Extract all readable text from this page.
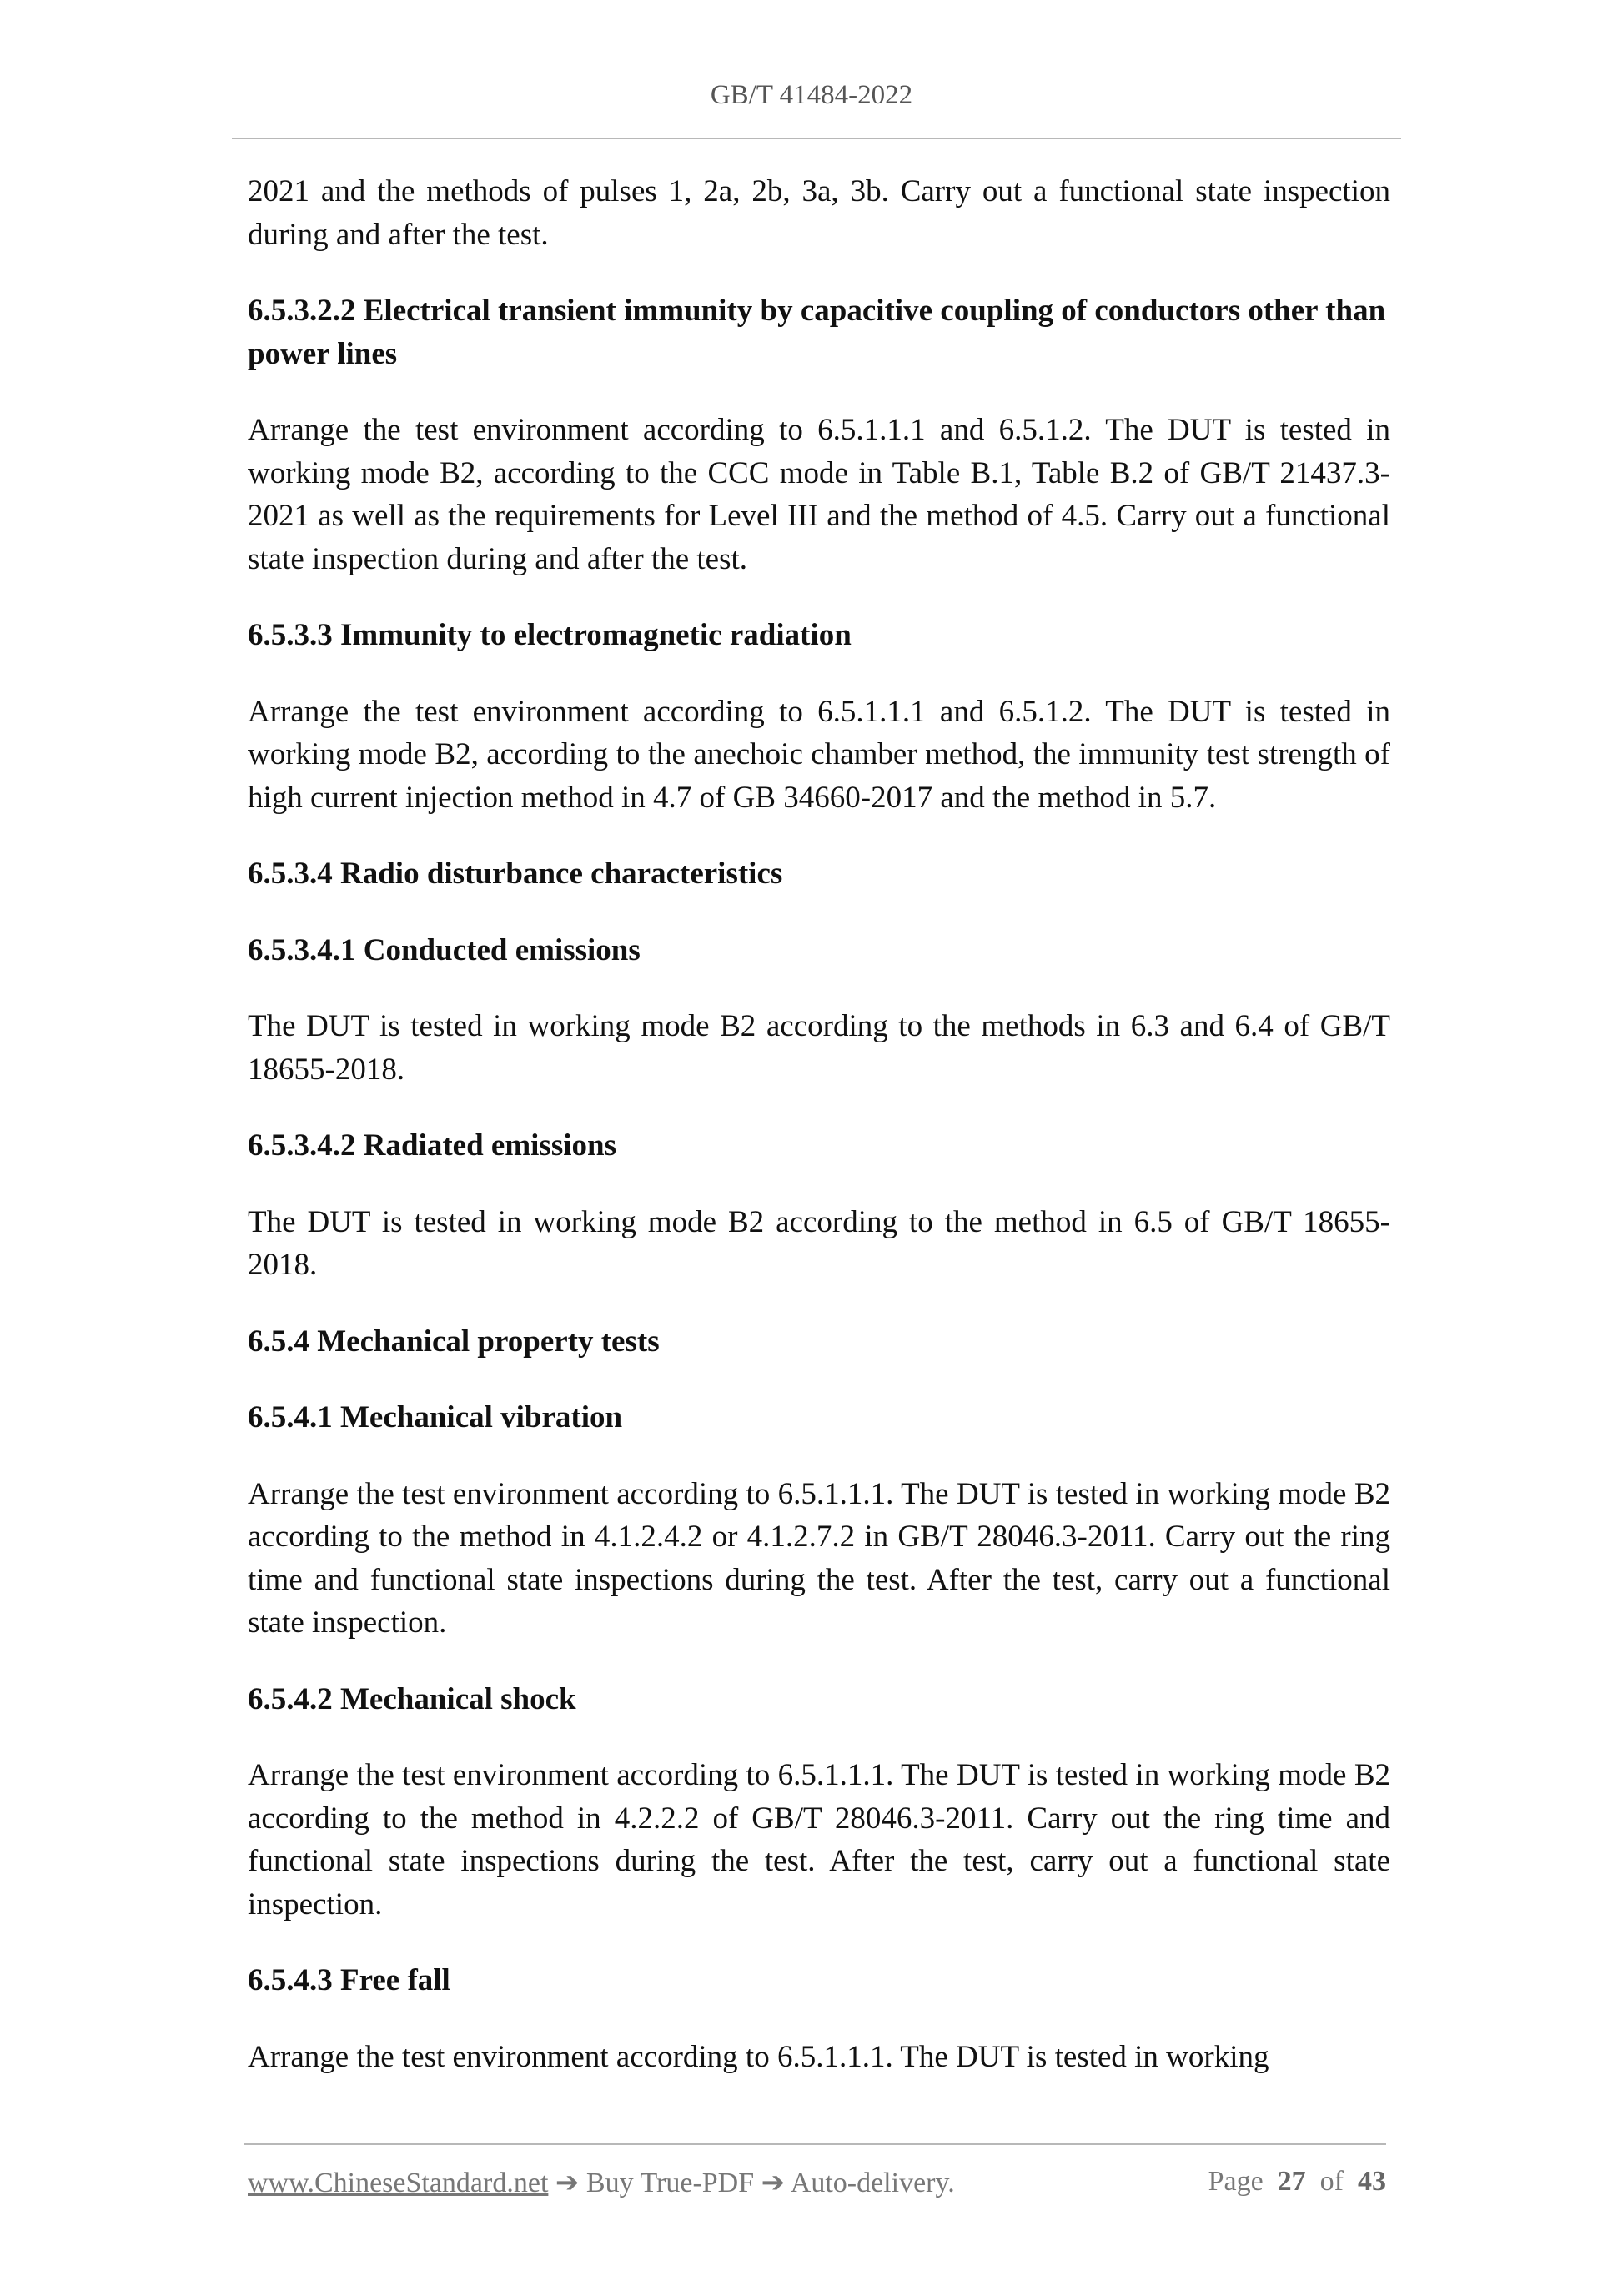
GB/T 41484-2022

2021 and the methods of pulses 1, 2a, 2b, 3a, 3b. Carry out a functional state inspection during and after the test.

6.5.3.2.2 Electrical transient immunity by capacitive coupling of conductors other than power lines

Arrange the test environment according to 6.5.1.1.1 and 6.5.1.2. The DUT is tested in working mode B2, according to the CCC mode in Table B.1, Table B.2 of GB/T 21437.3-2021 as well as the requirements for Level III and the method of 4.5. Carry out a functional state inspection during and after the test.

6.5.3.3 Immunity to electromagnetic radiation

Arrange the test environment according to 6.5.1.1.1 and 6.5.1.2. The DUT is tested in working mode B2, according to the anechoic chamber method, the immunity test strength of high current injection method in 4.7 of GB 34660-2017 and the method in 5.7.

6.5.3.4 Radio disturbance characteristics

6.5.3.4.1 Conducted emissions

The DUT is tested in working mode B2 according to the methods in 6.3 and 6.4 of GB/T 18655-2018.

6.5.3.4.2 Radiated emissions

The DUT is tested in working mode B2 according to the method in 6.5 of GB/T 18655-2018.

6.5.4 Mechanical property tests

6.5.4.1 Mechanical vibration

Arrange the test environment according to 6.5.1.1.1. The DUT is tested in working mode B2 according to the method in 4.1.2.4.2 or 4.1.2.7.2 in GB/T 28046.3-2011. Carry out the ring time and functional state inspections during the test. After the test, carry out a functional state inspection.

6.5.4.2 Mechanical shock

Arrange the test environment according to 6.5.1.1.1. The DUT is tested in working mode B2 according to the method in 4.2.2.2 of GB/T 28046.3-2011. Carry out the ring time and functional state inspections during the test. After the test, carry out a functional state inspection.

6.5.4.3 Free fall

Arrange the test environment according to 6.5.1.1.1. The DUT is tested in working

www.ChineseStandard.net ➔ Buy True-PDF ➔ Auto-delivery.	Page 27 of 43
